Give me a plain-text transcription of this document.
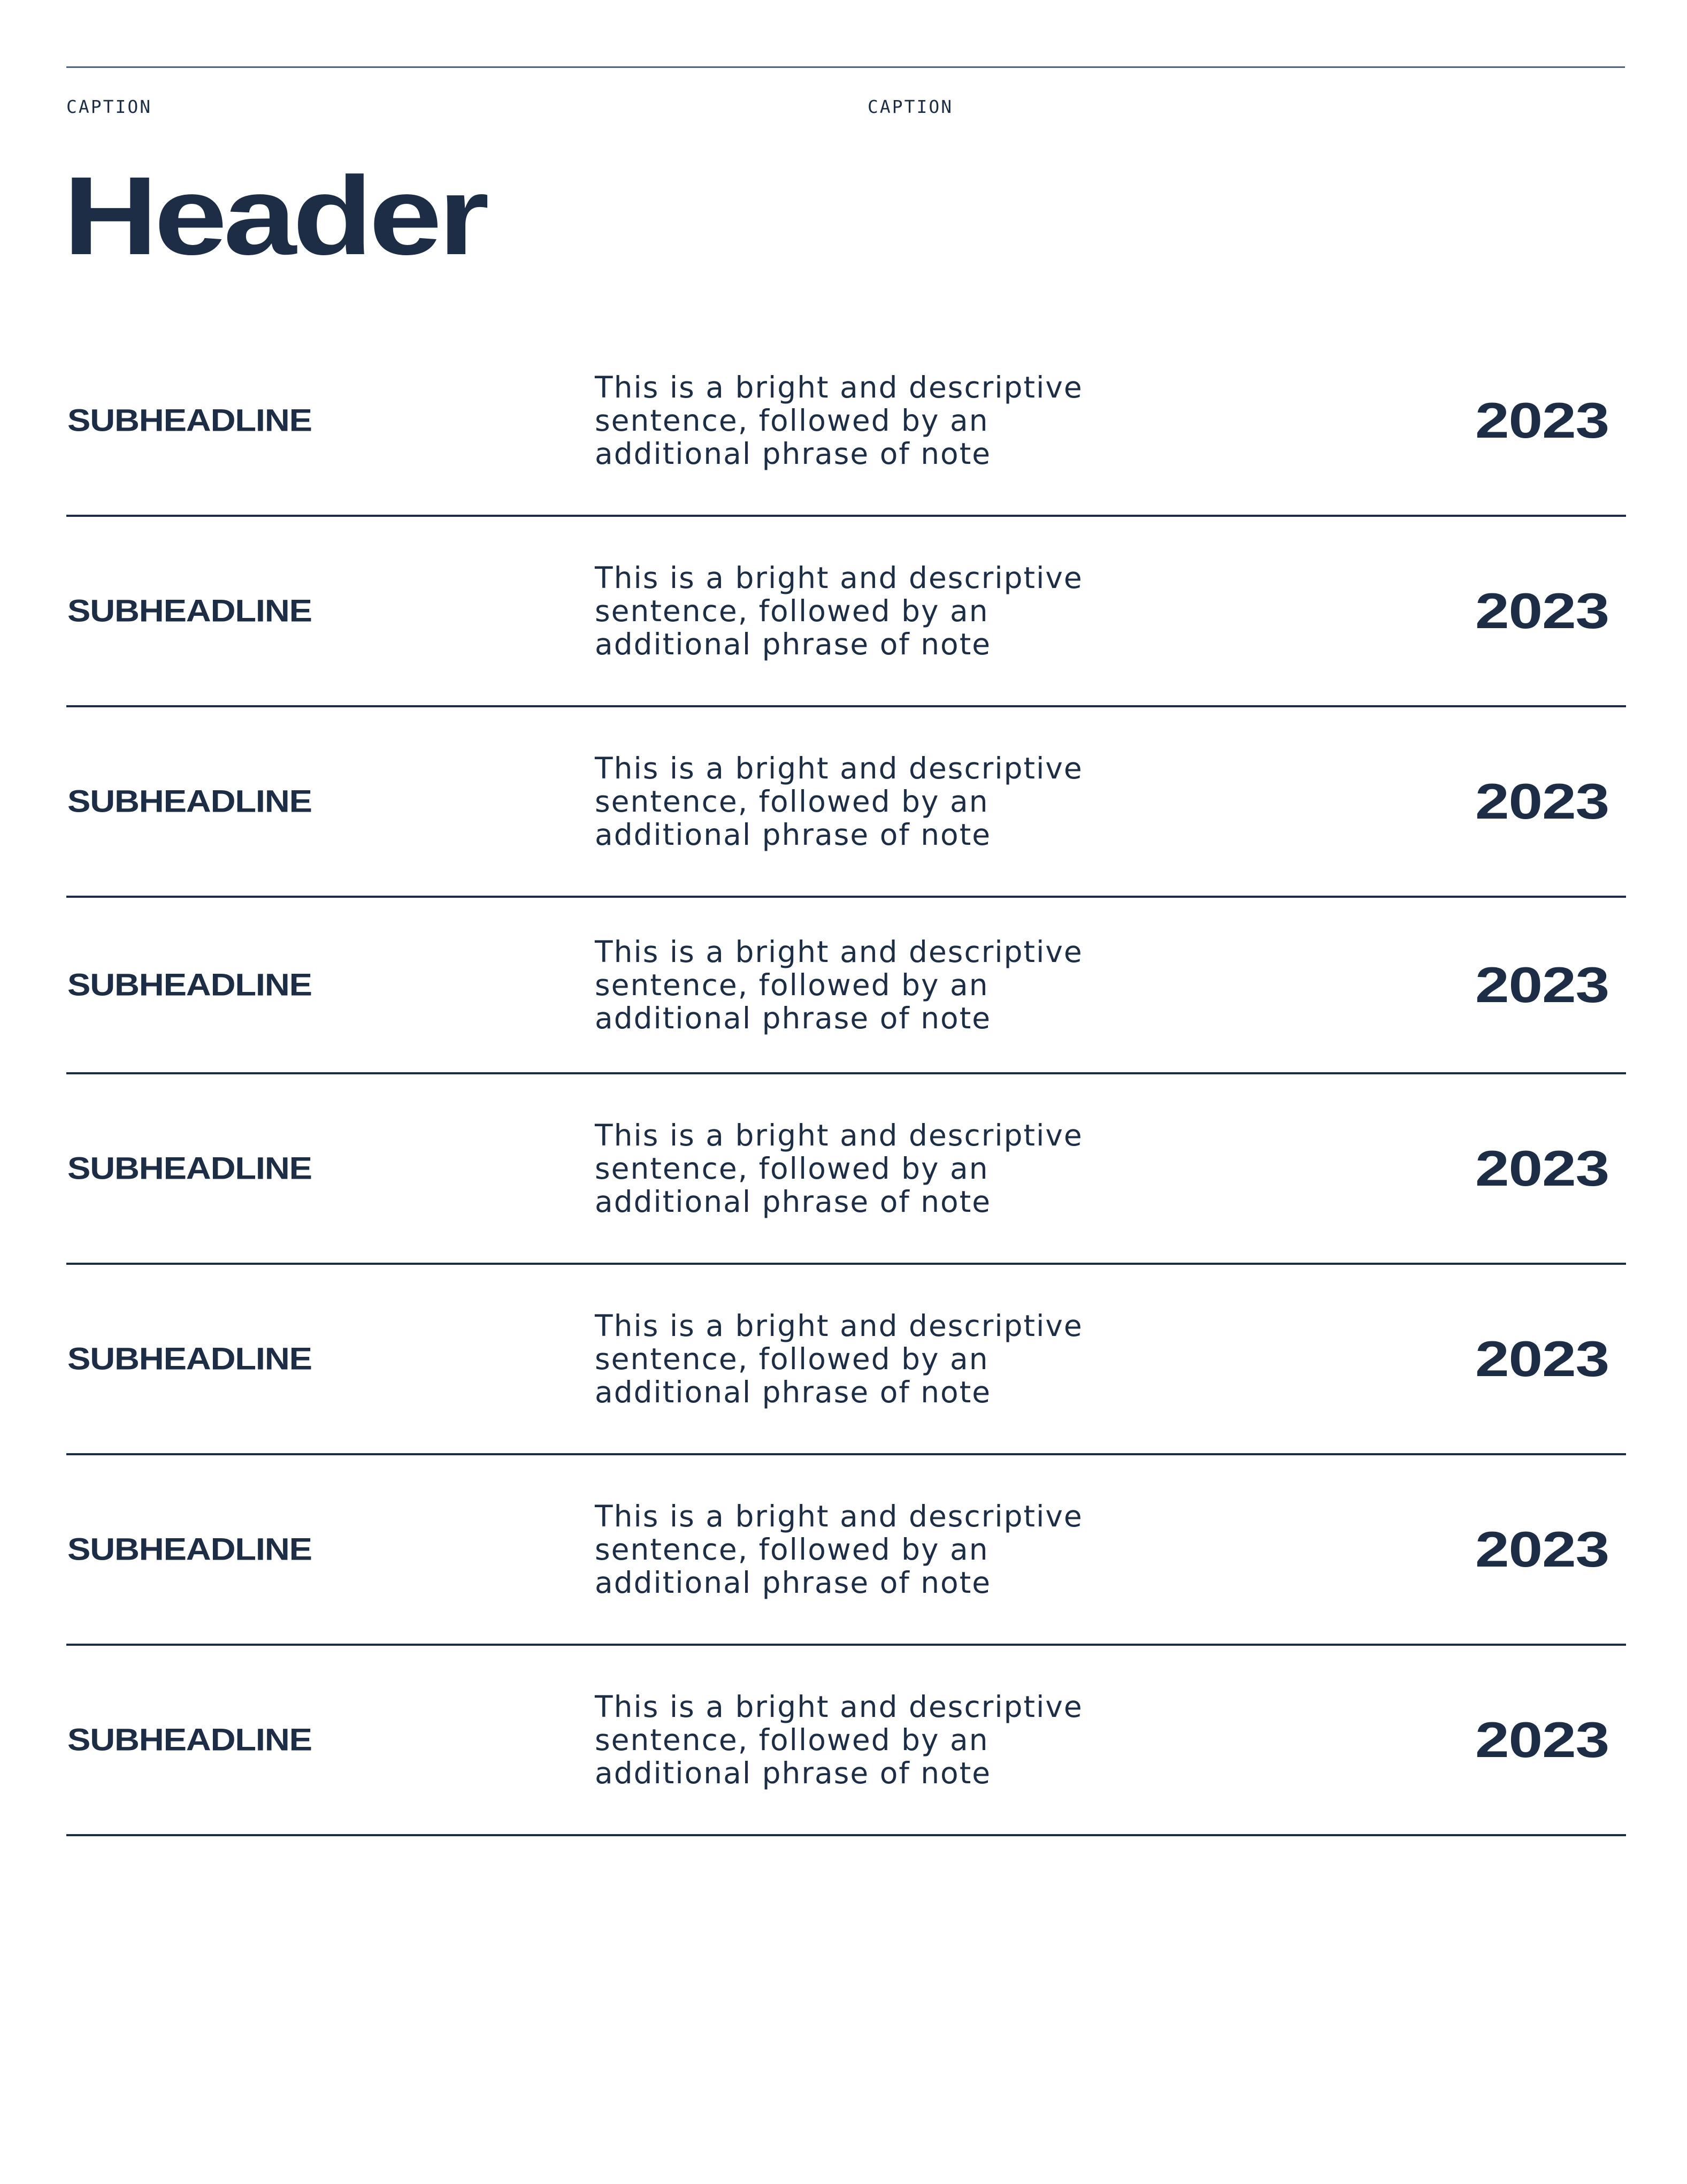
CAPTION	CAPTION
Header
SUBHEADLINE
This is a bright and descriptive sentence, followed by an additional phrase of note
2023
SUBHEADLINE
This is a bright and descriptive sentence, followed by an additional phrase of note
2023
SUBHEADLINE
This is a bright and descriptive sentence, followed by an additional phrase of note
2023
SUBHEADLINE
This is a bright and descriptive sentence, followed by an additional phrase of note
2023
SUBHEADLINE
This is a bright and descriptive sentence, followed by an additional phrase of note
2023
SUBHEADLINE
This is a bright and descriptive sentence, followed by an additional phrase of note
2023
SUBHEADLINE
This is a bright and descriptive sentence, followed by an additional phrase of note
2023
SUBHEADLINE
This is a bright and descriptive sentence, followed by an additional phrase of note
2023
